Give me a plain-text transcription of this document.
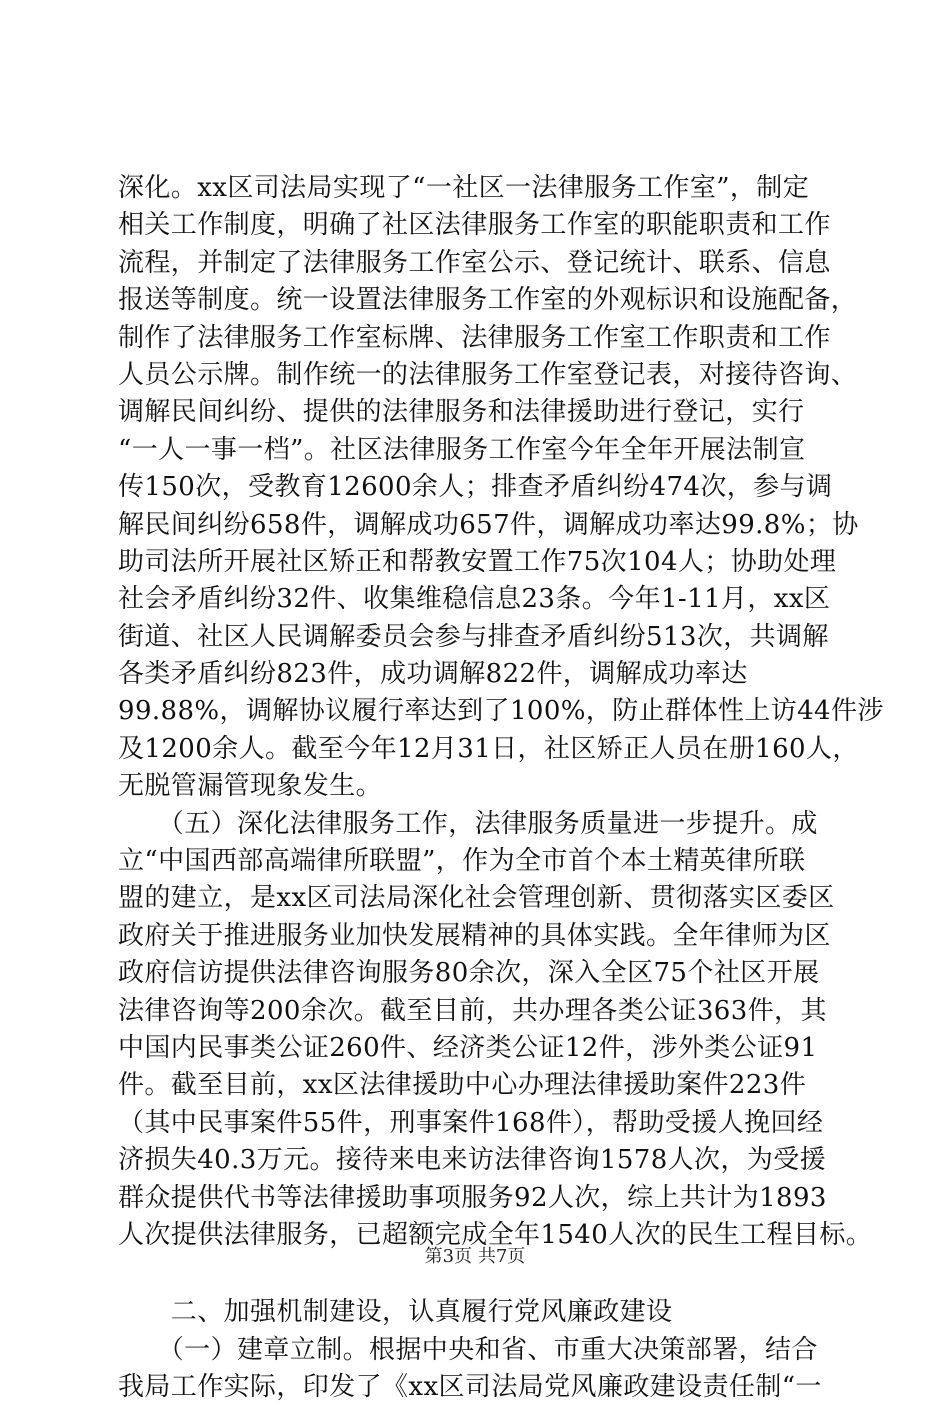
深化。xx区司法局实现了“一社区一法律服务工作室”，制定
相关工作制度，明确了社区法律服务工作室的职能职责和工作
流程，并制定了法律服务工作室公示、登记统计、联系、信息
报送等制度。统一设置法律服务工作室的外观标识和设施配备，
制作了法律服务工作室标牌、法律服务工作室工作职责和工作
人员公示牌。制作统一的法律服务工作室登记表，对接待咨询、
调解民间纠纷、提供的法律服务和法律援助进行登记，实行
“一人一事一档”。社区法律服务工作室今年全年开展法制宣
传150次，受教育12600余人；排查矛盾纠纷474次，参与调
解民间纠纷658件，调解成功657件，调解成功率达99.8%；协
助司法所开展社区矫正和帮教安置工作75次104人；协助处理
社会矛盾纠纷32件、收集维稳信息23条。今年1-11月，xx区
街道、社区人民调解委员会参与排查矛盾纠纷513次，共调解
各类矛盾纠纷823件，成功调解822件，调解成功率达
99.88%，调解协议履行率达到了100%，防止群体性上访44件涉
及1200余人。截至今年12月31日，社区矫正人员在册160人，
无脱管漏管现象发生。
　　（五）深化法律服务工作，法律服务质量进一步提升。成
立“中国西部高端律所联盟”，作为全市首个本土精英律所联
盟的建立，是xx区司法局深化社会管理创新、贯彻落实区委区
政府关于推进服务业加快发展精神的具体实践。全年律师为区
政府信访提供法律咨询服务80余次，深入全区75个社区开展
法律咨询等200余次。截至目前，共办理各类公证363件，其
中国内民事类公证260件、经济类公证12件，涉外类公证91
件。截至目前，xx区法律援助中心办理法律援助案件223件
（其中民事案件55件，刑事案件168件），帮助受援人挽回经
济损失40.3万元。接待来电来访法律咨询1578人次，为受援
群众提供代书等法律援助事项服务92人次，综上共计为1893
人次提供法律服务，已超额完成全年1540人次的民生工程目标。
　　二、加强机制建设，认真履行党风廉政建设
　　（一）建章立制。根据中央和省、市重大决策部署，结合
我局工作实际，印发了《xx区司法局党风廉政建设责任制“一
第3页 共7页
